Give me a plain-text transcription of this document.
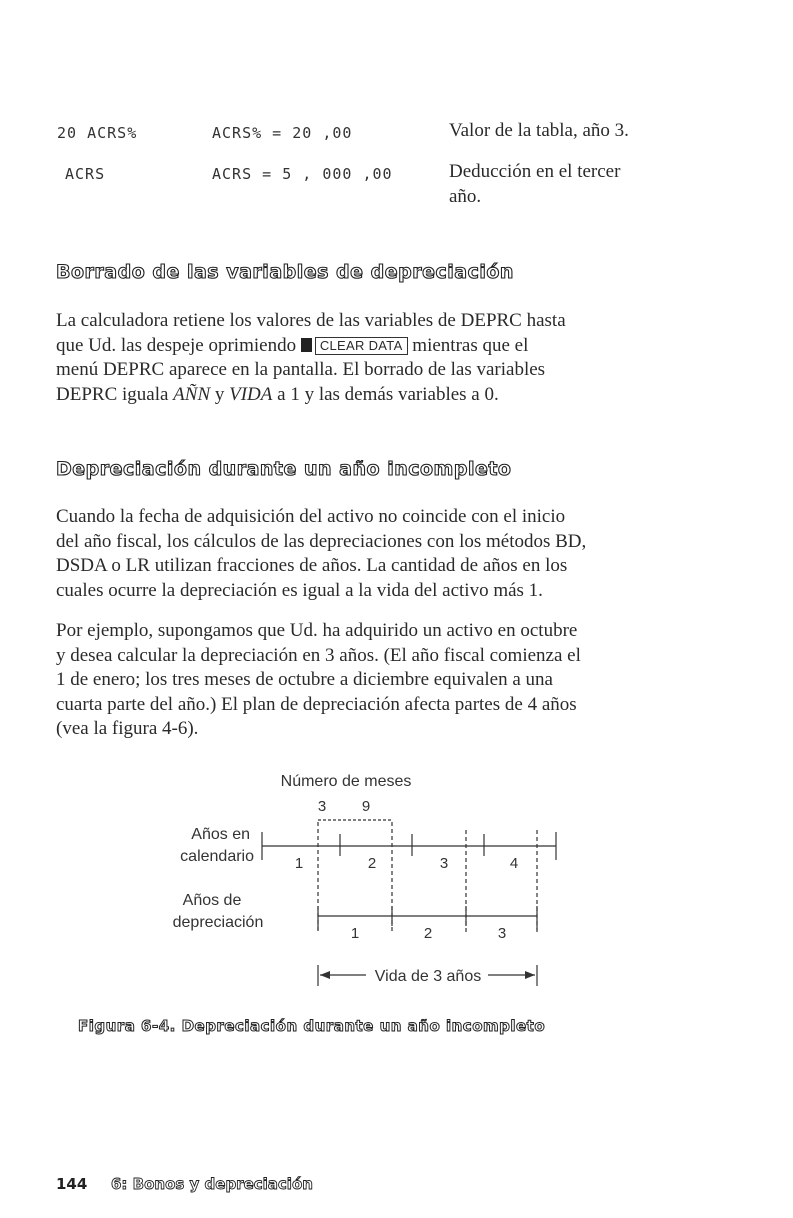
20 ACRS%	ACRS% = 20 ,00	Valor de la tabla, año 3.
ACRS	ACRS = 5 , 000 ,00	Deducción en el tercer
año.
Borrado de las variables de depreciación
La calculadora retiene los valores de las variables de DEPRC hasta
que Ud. las despeje oprimiendo CLEAR DATA mientras que el
menú DEPRC aparece en la pantalla. El borrado de las variables
DEPRC iguala AÑN y VIDA a 1 y las demás variables a 0.
Depreciación durante un año incompleto
Cuando la fecha de adquisición del activo no coincide con el inicio
del año fiscal, los cálculos de las depreciaciones con los métodos BD,
DSDA o LR utilizan fracciones de años. La cantidad de años en los
cuales ocurre la depreciación es igual a la vida del activo más 1.
Por ejemplo, supongamos que Ud. ha adquirido un activo en octubre
y desea calcular la depreciación en 3 años. (El año fiscal comienza el
1 de enero; los tres meses de octubre a diciembre equivalen a una
cuarta parte del año.) El plan de depreciación afecta partes de 4 años
(vea la figura 4-6).
Número de meses
3 9
Años en
calendario	1	2	3	4
Años de
depreciación
1	2	3
Vida de 3 años
Figura 6-4. Depreciación durante un año incompleto
144 6: Bonos y depreciación
